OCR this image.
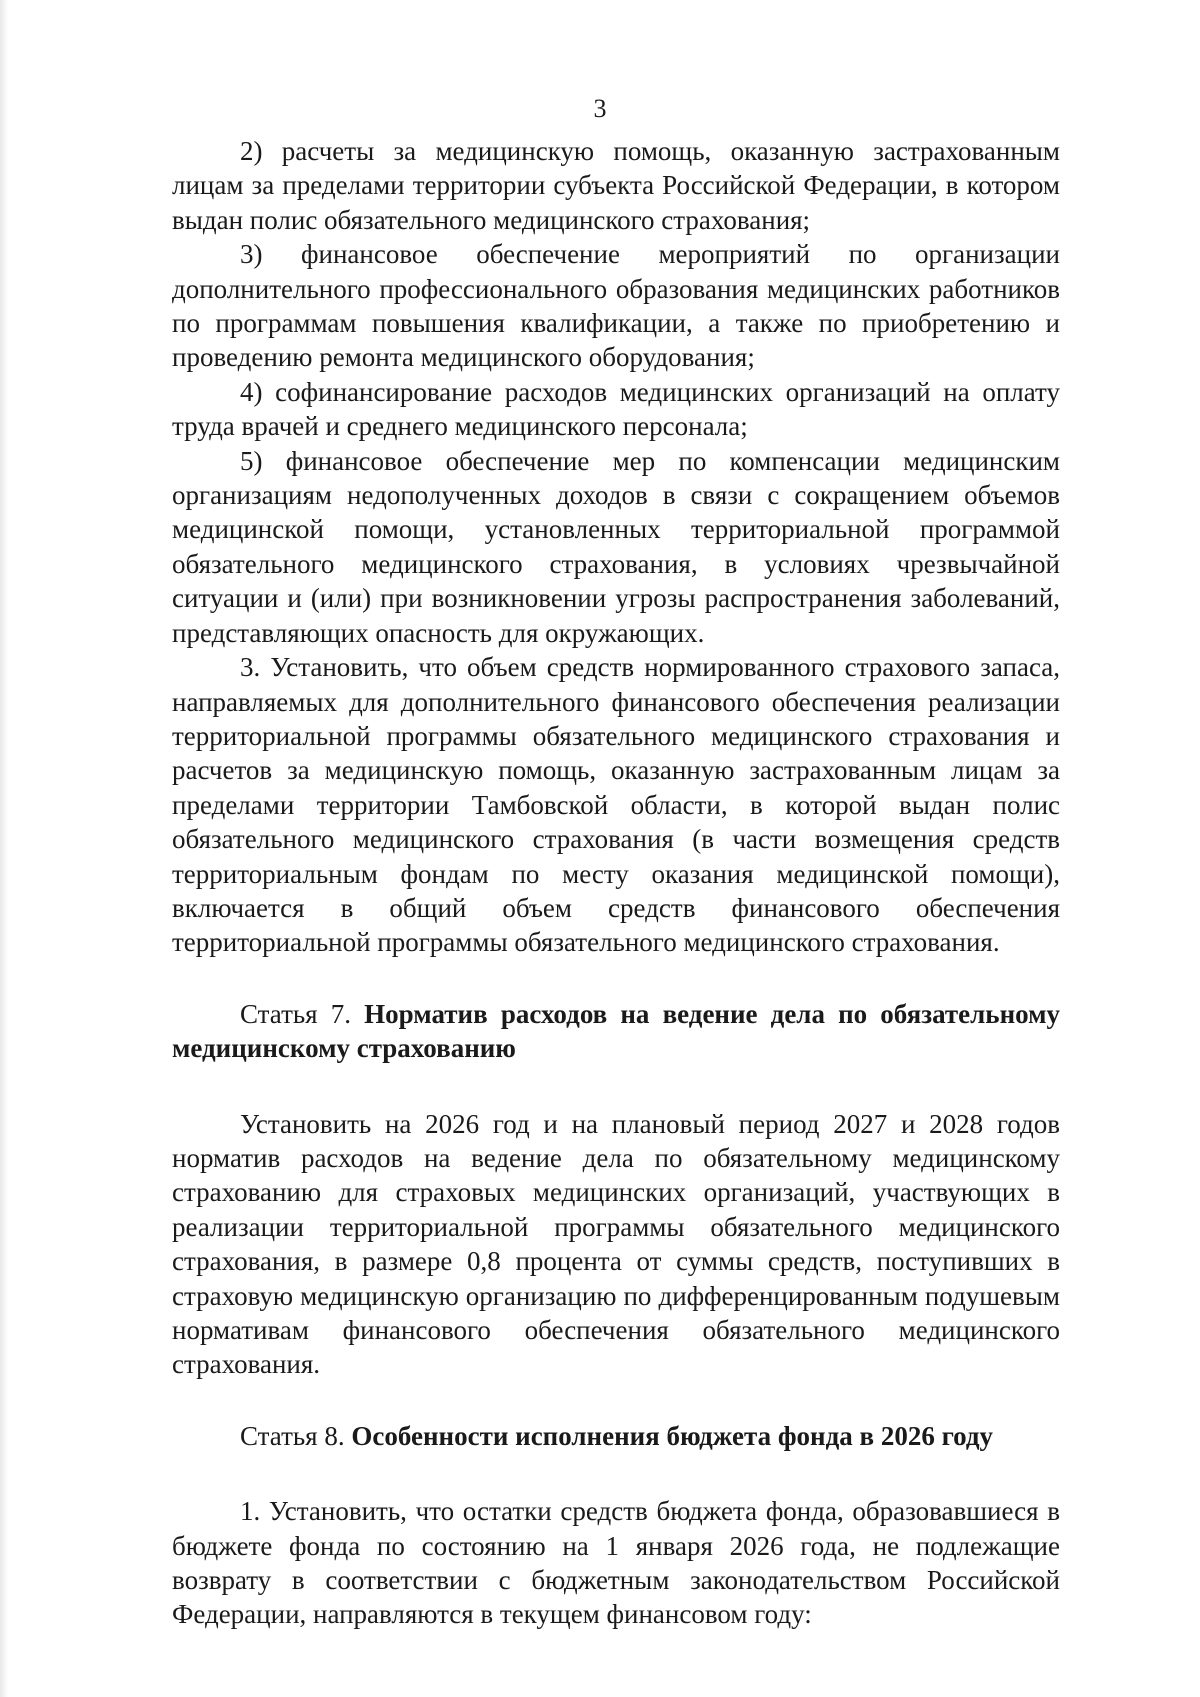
3

2) расчеты за медицинскую помощь, оказанную застрахованным лицам за пределами территории субъекта Российской Федерации, в котором выдан полис обязательного медицинского страхования;

3) финансовое обеспечение мероприятий по организации дополнительного профессионального образования медицинских работников по программам повышения квалификации, а также по приобретению и проведению ремонта медицинского оборудования;

4) софинансирование расходов медицинских организаций на оплату труда врачей и среднего медицинского персонала;

5) финансовое обеспечение мер по компенсации медицинским организациям недополученных доходов в связи с сокращением объемов медицинской помощи, установленных территориальной программой обязательного медицинского страхования, в условиях чрезвычайной ситуации и (или) при возникновении угрозы распространения заболеваний, представляющих опасность для окружающих.

3. Установить, что объем средств нормированного страхового запаса, направляемых для дополнительного финансового обеспечения реализации территориальной программы обязательного медицинского страхования и расчетов за медицинскую помощь, оказанную застрахованным лицам за пределами территории Тамбовской области, в которой выдан полис обязательного медицинского страхования (в части возмещения средств территориальным фондам по месту оказания медицинской помощи), включается в общий объем средств финансового обеспечения территориальной программы обязательного медицинского страхования.

Статья 7. Норматив расходов на ведение дела по обязательному медицинскому страхованию

Установить на 2026 год и на плановый период 2027 и 2028 годов норматив расходов на ведение дела по обязательному медицинскому страхованию для страховых медицинских организаций, участвующих в реализации территориальной программы обязательного медицинского страхования, в размере 0,8 процента от суммы средств, поступивших в страховую медицинскую организацию по дифференцированным подушевым нормативам финансового обеспечения обязательного медицинского страхования.

Статья 8. Особенности исполнения бюджета фонда в 2026 году

1. Установить, что остатки средств бюджета фонда, образовавшиеся в бюджете фонда по состоянию на 1 января 2026 года, не подлежащие возврату в соответствии с бюджетным законодательством Российской Федерации, направляются в текущем финансовом году:
